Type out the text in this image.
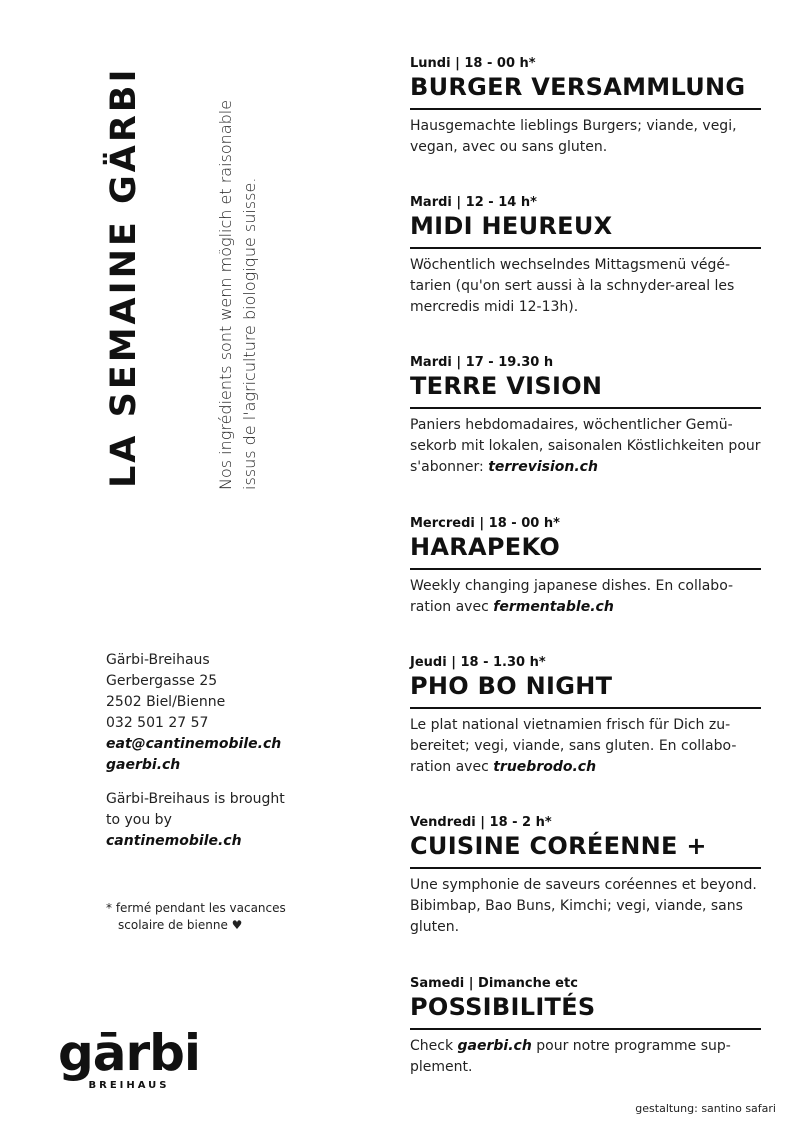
LA SEMAINE GÄRBI	Nos ingrédients sont wenn möglich et raisonable issus de l'agriculture biologique suisse.

Lundi | 18 - 00 h*

BURGER VERSAMMLUNG

Hausgemachte lieblings Burgers; viande, vegi, vegan, avec ou sans gluten.

Mardi | 12 - 14 h*

MIDI HEUREUX

Wöchentlich wechselndes Mittagsmenü végé-tarien (qu'on sert aussi à la schnyder-areal les mercredis midi 12-13h).

Mardi | 17 - 19.30 h

TERRE VISION

Paniers hebdomadaires, wöchentlicher Gemü-sekorb mit lokalen, saisonalen Köstlichkeiten pour s'abonner: terrevision.ch

Mercredi | 18 - 00 h*

HARAPEKO

Weekly changing japanese dishes. En collabo-ration avec fermentable.ch

Jeudi | 18 - 1.30 h*

PHO BO NIGHT

Le plat national vietnamien frisch für Dich zu-bereitet; vegi, viande, sans gluten. En collabo-ration avec truebrodo.ch

Vendredi | 18 - 2 h*

CUISINE CORÉENNE +

Une symphonie de saveurs coréennes et beyond. Bibimbap, Bao Buns, Kimchi; vegi, viande, sans gluten.

Samedi | Dimanche etc

POSSIBILITÉS

Check gaerbi.ch pour notre programme sup-plement.

Gärbi-Breihaus

Gerbergasse 25

2502 Biel/Bienne

032 501 27 57

eat@cantinemobile.ch

gaerbi.ch

Gärbi-Breihaus is brought

to you by

cantinemobile.ch

* fermé pendant les vacances
scolaire de bienne ♥
gārbi
BREIHAUS
gestaltung: santino safari
